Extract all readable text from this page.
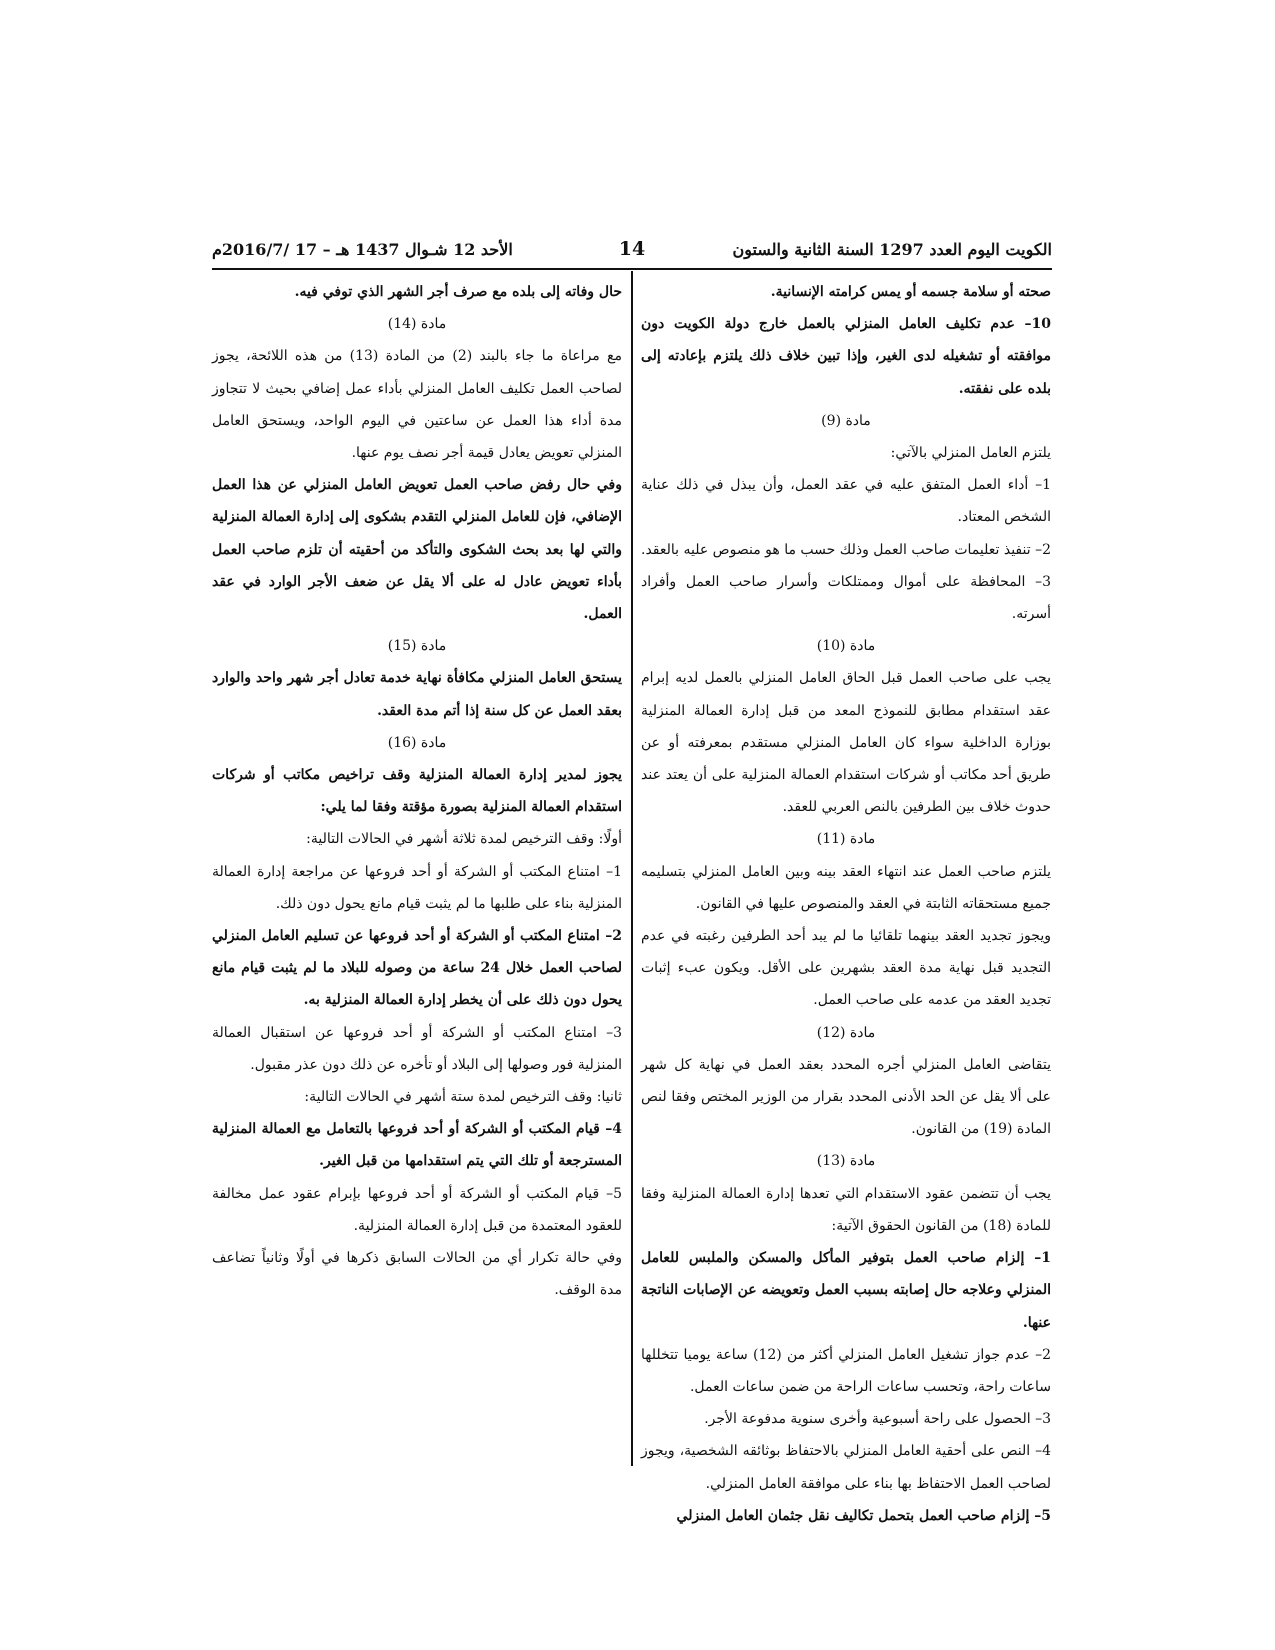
الكويت اليوم العدد 1297 السنة الثانية والستون
14
الأحد 12 شـوال 1437 هـ – 17 /2016/7م

صحته أو سلامة جسمه أو يمس كرامته الإنسانية.

10– عدم تكليف العامل المنزلي بالعمل خارج دولة الكويت دون موافقته أو تشغيله لدى الغير، وإذا تبين خلاف ذلك يلتزم بإعادته إلى بلده على نفقته.

مادة (9)

يلتزم العامل المنزلي بالآتي:

1– أداء العمل المتفق عليه في عقد العمل، وأن يبذل في ذلك عناية الشخص المعتاد.

2– تنفيذ تعليمات صاحب العمل وذلك حسب ما هو منصوص عليه بالعقد.

3– المحافظة على أموال وممتلكات وأسرار صاحب العمل وأفراد أسرته.

مادة (10)

يجب على صاحب العمل قبل الحاق العامل المنزلي بالعمل لديه إبرام عقد استقدام مطابق للنموذج المعد من قبل إدارة العمالة المنزلية بوزارة الداخلية سواء كان العامل المنزلي مستقدم بمعرفته أو عن طريق أحد مكاتب أو شركات استقدام العمالة المنزلية على أن يعتد عند حدوث خلاف بين الطرفين بالنص العربي للعقد.

مادة (11)

يلتزم صاحب العمل عند انتهاء العقد بينه وبين العامل المنزلي بتسليمه جميع مستحقاته الثابتة في العقد والمنصوص عليها في القانون.

ويجوز تجديد العقد بينهما تلقائيا ما لم يبد أحد الطرفين رغبته في عدم التجديد قبل نهاية مدة العقد بشهرين على الأقل. ويكون عبء إثبات تجديد العقد من عدمه على صاحب العمل.

مادة (12)

يتقاضى العامل المنزلي أجره المحدد بعقد العمل في نهاية كل شهر على ألا يقل عن الحد الأدنى المحدد بقرار من الوزير المختص وفقا لنص المادة (19) من القانون.

مادة (13)

يجب أن تتضمن عقود الاستقدام التي تعدها إدارة العمالة المنزلية وفقا للمادة (18) من القانون الحقوق الآتية:

1– إلزام صاحب العمل بتوفير المأكل والمسكن والملبس للعامل المنزلي وعلاجه حال إصابته بسبب العمل وتعويضه عن الإصابات الناتجة عنها.

2– عدم جواز تشغيل العامل المنزلي أكثر من (12) ساعة يوميا تتخللها ساعات راحة، وتحسب ساعات الراحة من ضمن ساعات العمل.

3– الحصول على راحة أسبوعية وأخرى سنوية مدفوعة الأجر.

4– النص على أحقية العامل المنزلي بالاحتفاظ بوثائقه الشخصية، ويجوز لصاحب العمل الاحتفاظ بها بناء على موافقة العامل المنزلي.

5– إلزام صاحب العمل بتحمل تكاليف نقل جثمان العامل المنزلي

حال وفاته إلى بلده مع صرف أجر الشهر الذي توفي فيه.

مادة (14)

مع مراعاة ما جاء بالبند (2) من المادة (13) من هذه اللائحة، يجوز لصاحب العمل تكليف العامل المنزلي بأداء عمل إضافي بحيث لا تتجاوز مدة أداء هذا العمل عن ساعتين في اليوم الواحد، ويستحق العامل المنزلي تعويض يعادل قيمة أجر نصف يوم عنها.

وفي حال رفض صاحب العمل تعويض العامل المنزلي عن هذا العمل الإضافي، فإن للعامل المنزلي التقدم بشكوى إلى إدارة العمالة المنزلية والتي لها بعد بحث الشكوى والتأكد من أحقيته أن تلزم صاحب العمل بأداء تعويض عادل له على ألا يقل عن ضعف الأجر الوارد في عقد العمل.

مادة (15)

يستحق العامل المنزلي مكافأة نهاية خدمة تعادل أجر شهر واحد والوارد بعقد العمل عن كل سنة إذا أتم مدة العقد.

مادة (16)

يجوز لمدير إدارة العمالة المنزلية وقف تراخيص مكاتب أو شركات استقدام العمالة المنزلية بصورة مؤقتة وفقا لما يلي:

أولًا: وقف الترخيص لمدة ثلاثة أشهر في الحالات التالية:

1– امتناع المكتب أو الشركة أو أحد فروعها عن مراجعة إدارة العمالة المنزلية بناء على طلبها ما لم يثبت قيام مانع يحول دون ذلك.

2– امتناع المكتب أو الشركة أو أحد فروعها عن تسليم العامل المنزلي لصاحب العمل خلال 24 ساعة من وصوله للبلاد ما لم يثبت قيام مانع يحول دون ذلك على أن يخطر إدارة العمالة المنزلية به.

3– امتناع المكتب أو الشركة أو أحد فروعها عن استقبال العمالة المنزلية فور وصولها إلى البلاد أو تأخره عن ذلك دون عذر مقبول.

ثانيا: وقف الترخيص لمدة ستة أشهر في الحالات التالية:

4– قيام المكتب أو الشركة أو أحد فروعها بالتعامل مع العمالة المنزلية المسترجعة أو تلك التي يتم استقدامها من قبل الغير.

5– قيام المكتب أو الشركة أو أحد فروعها بإبرام عقود عمل مخالفة للعقود المعتمدة من قبل إدارة العمالة المنزلية.

وفي حالة تكرار أي من الحالات السابق ذكرها في أولًا وثانياً تضاعف مدة الوقف.
